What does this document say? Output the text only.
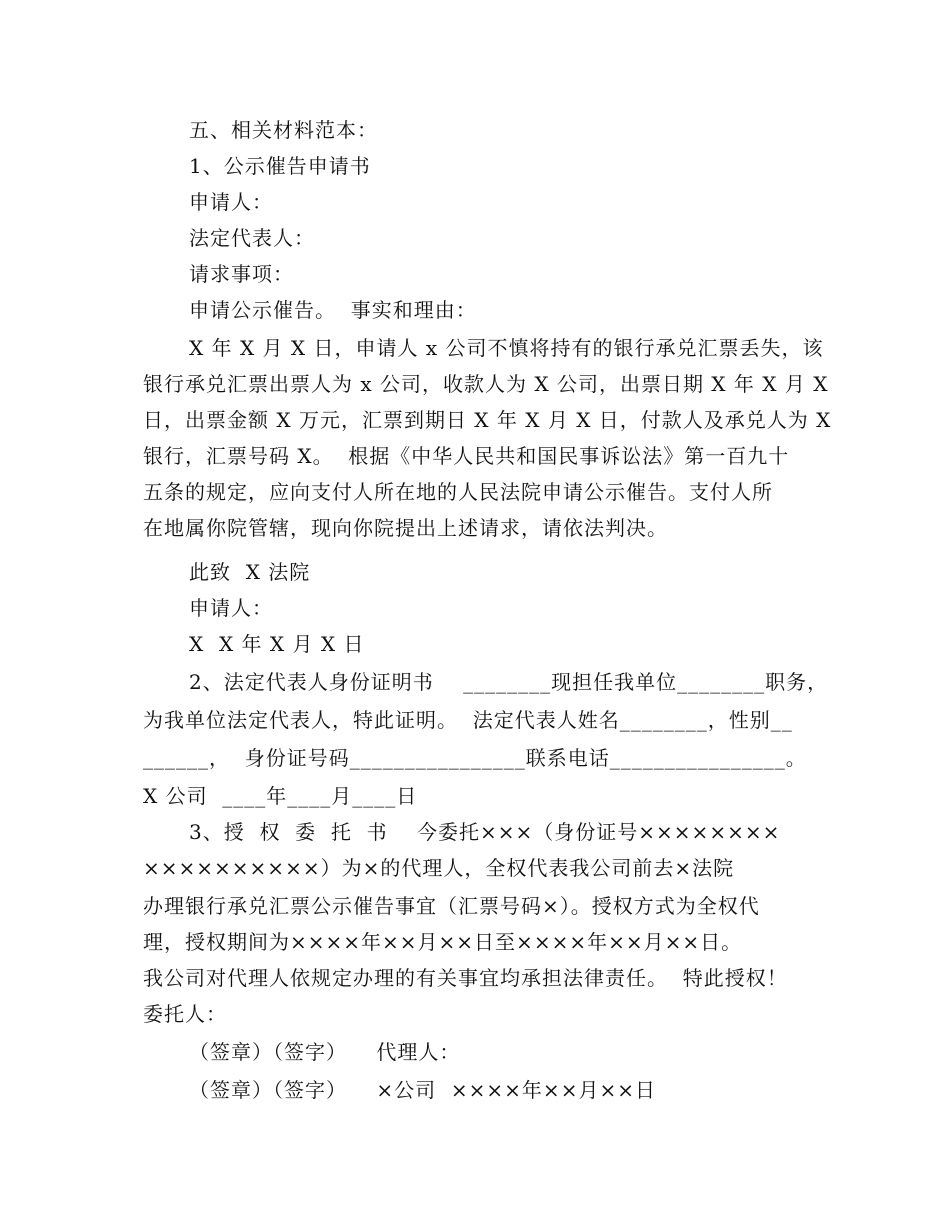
五、相关材料范本：
1、公示催告申请书
申请人：
法定代表人：
请求事项：
申请公示催告。  事实和理由：
X 年 X 月 X 日，申请人 x 公司不慎将持有的银行承兑汇票丢失，该
银行承兑汇票出票人为 x 公司，收款人为 X 公司，出票日期 X 年 X 月 X
日，出票金额 X 万元，汇票到期日 X 年 X 月 X 日，付款人及承兑人为 X
银行，汇票号码 X。  根据《中华人民共和国民事诉讼法》第一百九十
五条的规定，应向支付人所在地的人民法院申请公示催告。支付人所
在地属你院管辖，现向你院提出上述请求，请依法判决。
此致  X 法院
申请人：
X  X 年 X 月 X 日
2、法定代表人身份证明书    ________现担任我单位________职务，
为我单位法定代表人，特此证明。  法定代表人姓名________，性别__
______，  身份证号码________________联系电话________________。
X 公司  ____年____月____日
3、授  权  委  托  书    今委托×××（身份证号××××××××
××××××××××）为×的代理人，全权代表我公司前去×法院
办理银行承兑汇票公示催告事宜（汇票号码×）。授权方式为全权代
理，授权期间为××××年××月××日至××××年××月××日。
我公司对代理人依规定办理的有关事宜均承担法律责任。  特此授权！
委托人：
（签章）（签字）    代理人：
（签章）（签字）    ×公司  ××××年××月××日
